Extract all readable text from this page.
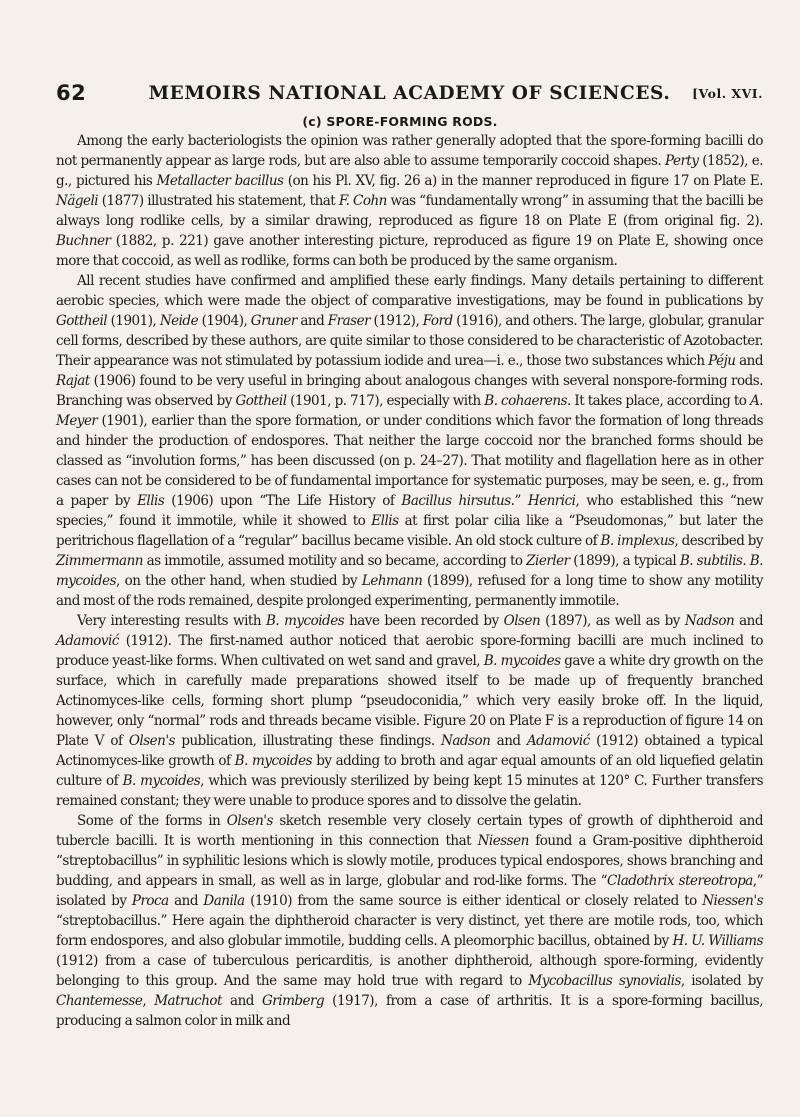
62	MEMOIRS NATIONAL ACADEMY OF SCIENCES.	[Vol. XVI.
(c) SPORE-FORMING RODS.

Among the early bacteriologists the opinion was rather generally adopted that the spore-forming bacilli do not permanently appear as large rods, but are also able to assume temporarily coccoid shapes. Perty (1852), e. g., pictured his Metallacter bacillus (on his Pl. XV, fig. 26 a) in the manner reproduced in figure 17 on Plate E. Nägeli (1877) illustrated his statement, that F. Cohn was “fundamentally wrong” in assuming that the bacilli be always long rodlike cells, by a similar drawing, reproduced as figure 18 on Plate E (from original fig. 2). Buchner (1882, p. 221) gave another interesting picture, reproduced as figure 19 on Plate E, showing once more that coccoid, as well as rodlike, forms can both be produced by the same organism.

All recent studies have confirmed and amplified these early findings. Many details pertaining to different aerobic species, which were made the object of comparative investigations, may be found in publications by Gottheil (1901), Neide (1904), Gruner and Fraser (1912), Ford (1916), and others. The large, globular, granular cell forms, described by these authors, are quite similar to those considered to be characteristic of Azotobacter. Their appearance was not stimulated by potassium iodide and urea—i. e., those two substances which Péju and Rajat (1906) found to be very useful in bringing about analogous changes with several nonspore-forming rods. Branching was observed by Gottheil (1901, p. 717), especially with B. cohaerens. It takes place, according to A. Meyer (1901), earlier than the spore formation, or under conditions which favor the formation of long threads and hinder the production of endospores. That neither the large coccoid nor the branched forms should be classed as “involution forms,” has been discussed (on p. 24–27). That motility and flagellation here as in other cases can not be considered to be of fundamental importance for systematic purposes, may be seen, e. g., from a paper by Ellis (1906) upon “The Life History of Bacillus hirsutus.” Henrici, who established this “new species,” found it immotile, while it showed to Ellis at first polar cilia like a “Pseudomonas,” but later the peritrichous flagellation of a “regular” bacillus became visible. An old stock culture of B. implexus, described by Zimmermann as immotile, assumed motility and so became, according to Zierler (1899), a typical B. subtilis. B. mycoides, on the other hand, when studied by Lehmann (1899), refused for a long time to show any motility and most of the rods remained, despite prolonged experimenting, permanently immotile.

Very interesting results with B. mycoides have been recorded by Olsen (1897), as well as by Nadson and Adamović (1912). The first-named author noticed that aerobic spore-forming bacilli are much inclined to produce yeast-like forms. When cultivated on wet sand and gravel, B. mycoides gave a white dry growth on the surface, which in carefully made preparations showed itself to be made up of frequently branched Actinomyces-like cells, forming short plump “pseudoconidia,” which very easily broke off. In the liquid, however, only “normal” rods and threads became visible. Figure 20 on Plate F is a reproduction of figure 14 on Plate V of Olsen's publication, illustrating these findings. Nadson and Adamović (1912) obtained a typical Actinomyces-like growth of B. mycoides by adding to broth and agar equal amounts of an old liquefied gelatin culture of B. mycoides, which was previously sterilized by being kept 15 minutes at 120° C. Further transfers remained constant; they were unable to produce spores and to dissolve the gelatin.

Some of the forms in Olsen's sketch resemble very closely certain types of growth of diphtheroid and tubercle bacilli. It is worth mentioning in this connection that Niessen found a Gram-positive diphtheroid “streptobacillus” in syphilitic lesions which is slowly motile, produces typical endospores, shows branching and budding, and appears in small, as well as in large, globular and rod-like forms. The “Cladothrix stereotropa,” isolated by Proca and Danila (1910) from the same source is either identical or closely related to Niessen's “streptobacillus.” Here again the diphtheroid character is very distinct, yet there are motile rods, too, which form endospores, and also globular immotile, budding cells. A pleomorphic bacillus, obtained by H. U. Williams (1912) from a case of tuberculous pericarditis, is another diphtheroid, although spore-forming, evidently belonging to this group. And the same may hold true with regard to Mycobacillus synovialis, isolated by Chantemesse, Matruchot and Grimberg (1917), from a case of arthritis. It is a spore-forming bacillus, producing a salmon color in milk and
